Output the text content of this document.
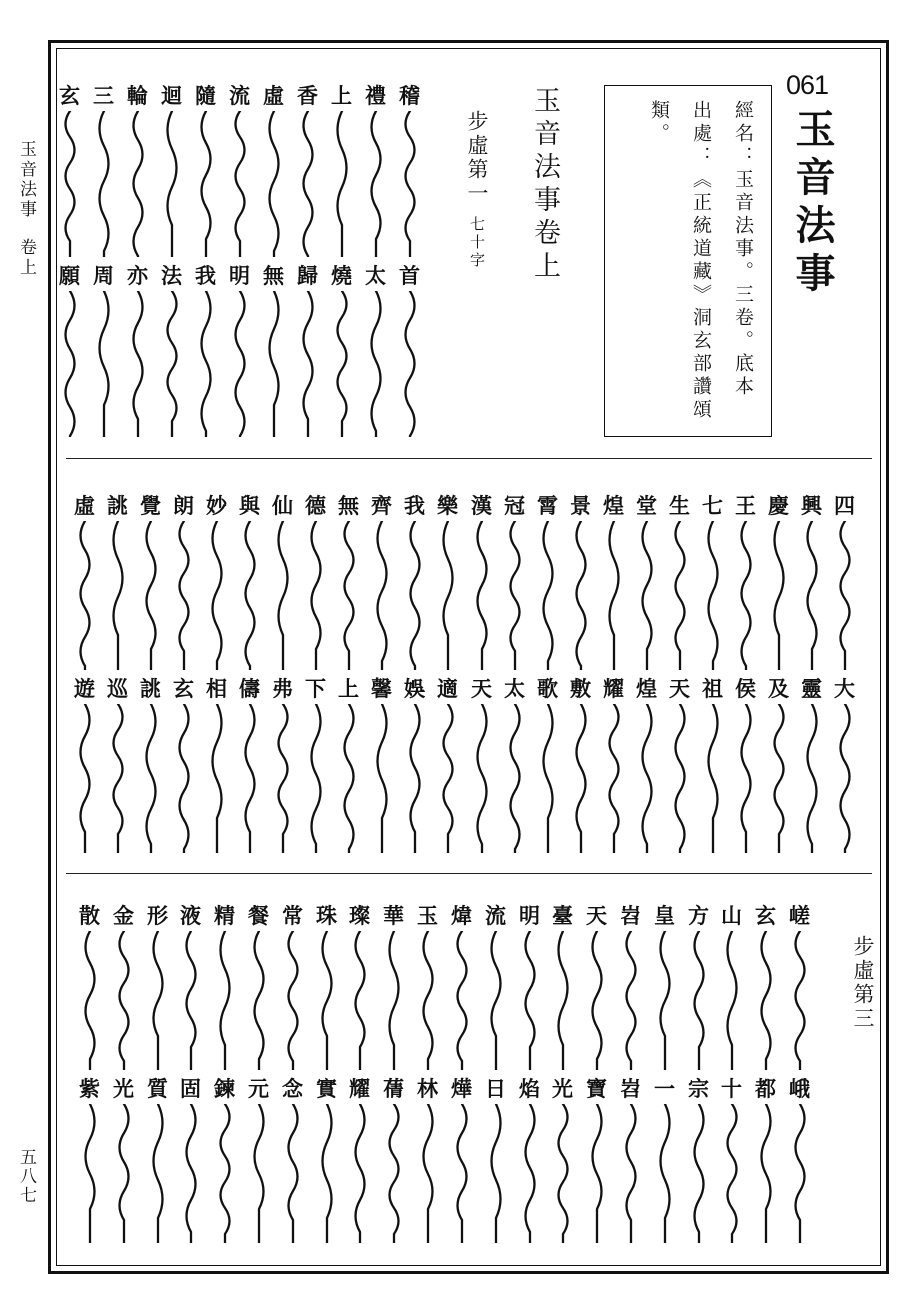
玉音法事卷上
五八七
061
玉音法事
經名：玉音法事。三卷。底本
出處：《正統道藏》洞玄部讚頌
類。
玉音法事卷上
步虛第一七十字
步虛第三
稽
首
禮
太
上
燒
香
歸
虛
無
流
明
隨
我
迴
法
輪
亦
三
周
玄
願
四
大
興
靈
慶
及
王
侯
七
祖
生
天
堂
煌
煌
耀
景
敷
霄
歌
冠
太
漢
天
樂
適
我
娛
齊
馨
無
上
德
下
仙
弗
與
儔
妙
相
朗
玄
覺
誂
誂
巡
虛
遊
嵯
峨
玄
都
山
十
方
宗
皇
一
岧
岧
天
寶
臺
光
明
焰
流
日
煒
燁
玉
林
華
蒨
璨
耀
珠
實
常
念
餐
元
精
鍊
液
固
形
質
金
光
散
紫
